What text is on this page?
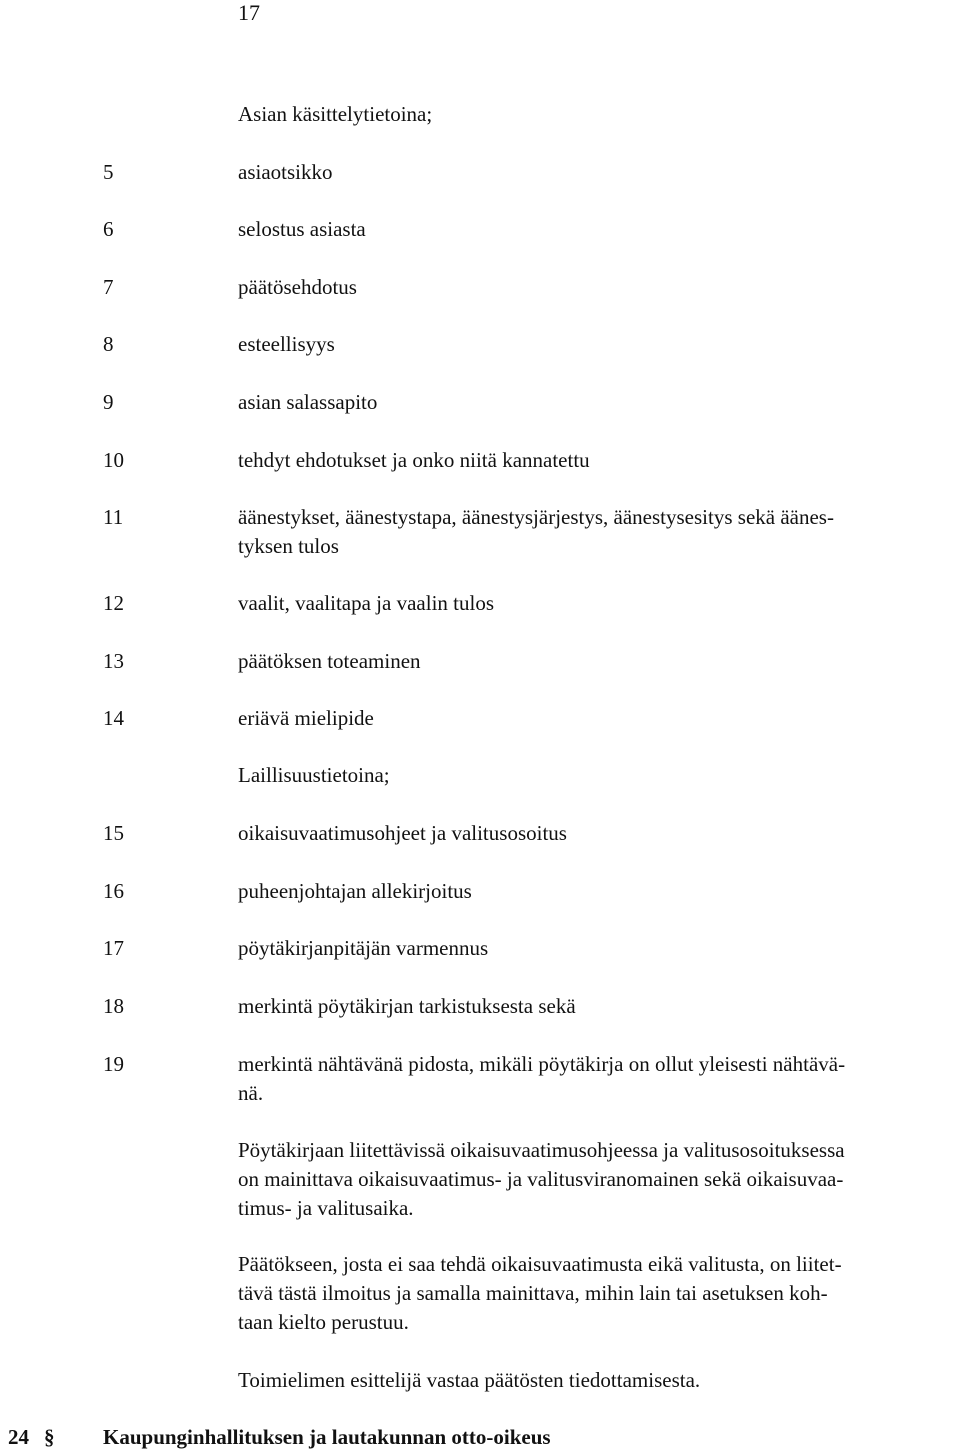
17
Asian käsittelytietoina;
5	asiaotsikko
6	selostus asiasta
7	päätösehdotus
8	esteellisyys
9	asian salassapito
10	tehdyt ehdotukset ja onko niitä kannatettu
11	äänestykset, äänestystapa, äänestysjärjestys, äänestysesitys sekä äänes-
tyksen tulos
12	vaalit, vaalitapa ja vaalin tulos
13	päätöksen toteaminen
14	eriävä mielipide
Laillisuustietoina;
15	oikaisuvaatimusohjeet ja valitusosoitus
16	puheenjohtajan allekirjoitus
17	pöytäkirjanpitäjän varmennus
18	merkintä pöytäkirjan tarkistuksesta sekä
19	merkintä nähtävänä pidosta, mikäli pöytäkirja on ollut yleisesti nähtävä-
nä.
Pöytäkirjaan liitettävissä oikaisuvaatimusohjeessa ja valitusosoituksessa
on mainittava oikaisuvaatimus- ja valitusviranomainen sekä oikaisuvaa-
timus- ja valitusaika.
Päätökseen, josta ei saa tehdä oikaisuvaatimusta eikä valitusta, on liitet-
tävä tästä ilmoitus ja samalla mainittava, mihin lain tai asetuksen koh-
taan kielto perustuu.
Toimielimen esittelijä vastaa päätösten tiedottamisesta.
24 § Kaupunginhallituksen ja lautakunnan otto-oikeus
